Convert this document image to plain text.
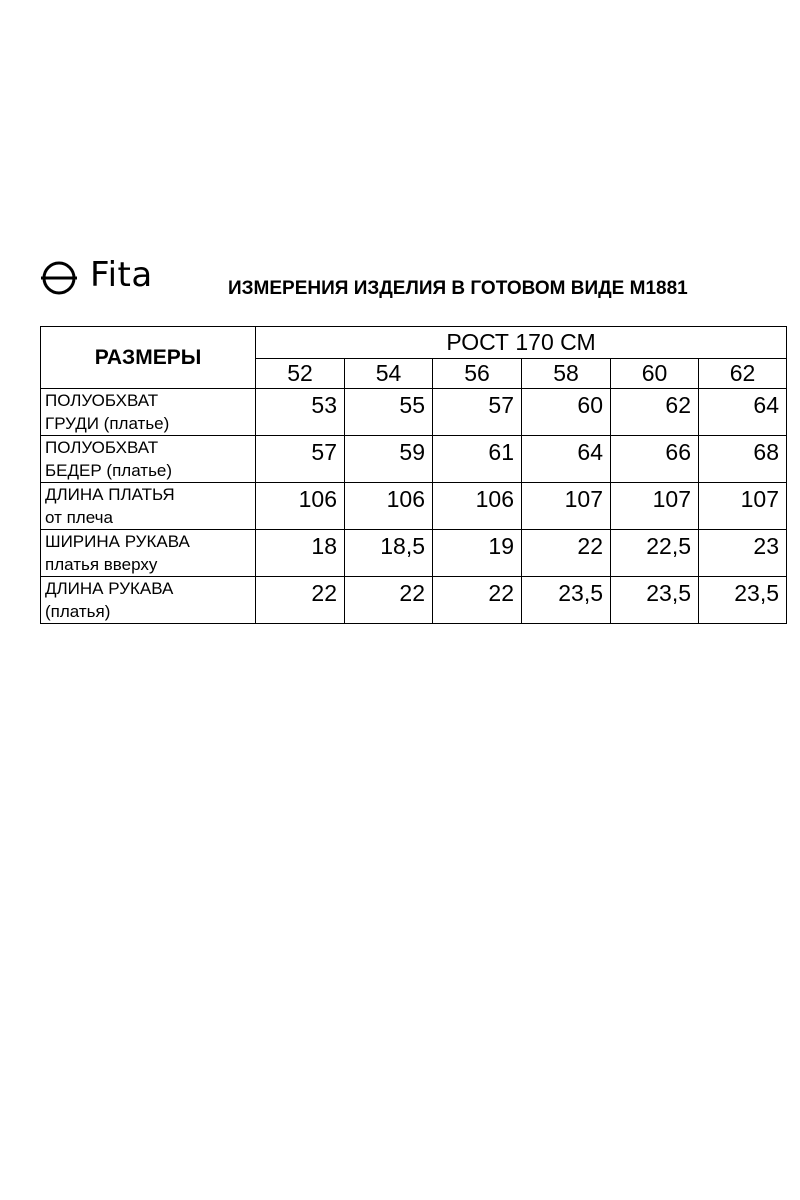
Fita	ИЗМЕРЕНИЯ ИЗДЕЛИЯ В ГОТОВОМ ВИДЕ М1881
РАЗМЕРЫ	РОСТ 170 СМ					
	52	54	56	58	60	62

ПОЛУОБХВАТ
ГРУДИ (платье)	53	55	57	60	62	64

ПОЛУОБХВАТ
БЕДЕР (платье)	57	59	61	64	66	68

ДЛИНА ПЛАТЬЯ
от плеча	106	106	106	107	107	107

ШИРИНА РУКАВА
платья вверху	18	18,5	19	22	22,5	23

ДЛИНА РУКАВА
(платья)	22	22	22	23,5	23,5	23,5
